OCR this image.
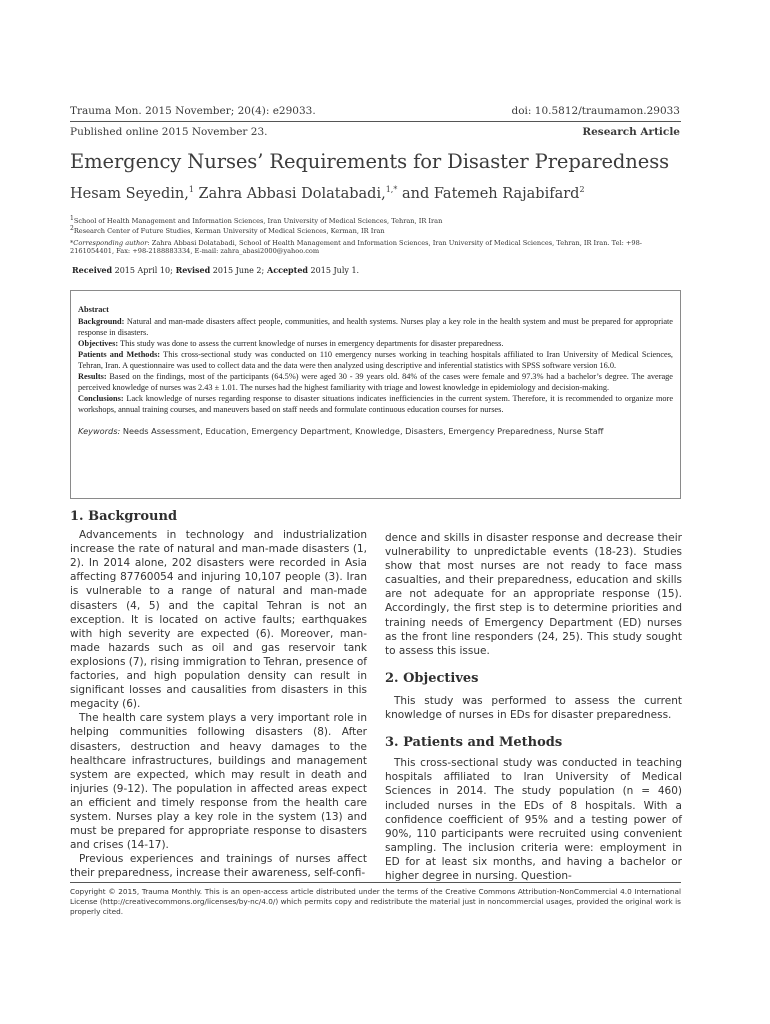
Trauma Mon. 2015 November; 20(4): e29033.	doi: 10.5812/traumamon.29033
Published online 2015 November 23.	Research Article
Emergency Nurses’ Requirements for Disaster Preparedness
Hesam Seyedin,$^1$ Zahra Abbasi Dolatabadi,$^{1,*}$ and Fatemeh Rajabifard$^2$
$^1$School of Health Management and Information Sciences, Iran University of Medical Sciences, Tehran, IR Iran
$^2$Research Center of Future Studies, Kerman University of Medical Sciences, Kerman, IR Iran
*Corresponding author: Zahra Abbasi Dolatabadi, School of Health Management and Information Sciences, Iran University of Medical Sciences, Tehran, IR Iran. Tel: +98-2161054401, Fax: +98-2188883334, E-mail: zahra_abasi2000@yahoo.com
Received 2015 April 10; Revised 2015 June 2; Accepted 2015 July 1.

Abstract

Background: Natural and man-made disasters affect people, communities, and health systems. Nurses play a key role in the health system and must be prepared for appropriate response in disasters.

Objectives: This study was done to assess the current knowledge of nurses in emergency departments for disaster preparedness.

Patients and Methods: This cross-sectional study was conducted on 110 emergency nurses working in teaching hospitals affiliated to Iran University of Medical Sciences, Tehran, Iran. A questionnaire was used to collect data and the data were then analyzed using descriptive and inferential statistics with SPSS software version 16.0.

Results: Based on the findings, most of the participants (64.5%) were aged 30 - 39 years old. 84% of the cases were female and 97.3% had a bachelor’s degree. The average perceived knowledge of nurses was 2.43 ± 1.01. The nurses had the highest familiarity with triage and lowest knowledge in epidemiology and decision-making.

Conclusions: Lack knowledge of nurses regarding response to disaster situations indicates inefficiencies in the current system. Therefore, it is recommended to organize more workshops, annual training courses, and maneuvers based on staff needs and formulate continuous education courses for nurses.

Keywords: Needs Assessment, Education, Emergency Department, Knowledge, Disasters, Emergency Preparedness, Nurse Staff

1. Background

Advancements in technology and industrialization increase the rate of natural and man-made disasters (1, 2). In 2014 alone, 202 disasters were recorded in Asia affecting 87760054 and injuring 10,107 people (3). Iran is vulnerable to a range of natural and man-made disasters (4, 5) and the capital Tehran is not an exception. It is located on active faults; earthquakes with high severity are expected (6). Moreover, man-made hazards such as oil and gas reservoir tank explosions (7), rising immigration to Tehran, presence of factories, and high population density can result in significant losses and causalities from disasters in this megacity (6).

The health care system plays a very important role in helping communities following disasters (8). After disasters, destruction and heavy damages to the healthcare infrastructures, buildings and management system are expected, which may result in death and injuries (9-12). The population in affected areas expect an efficient and timely response from the health care system. Nurses play a key role in the system (13) and must be prepared for appropriate response to disasters and crises (14-17).

Previous experiences and trainings of nurses affect their preparedness, increase their awareness, self-confi-

dence and skills in disaster response and decrease their vulnerability to unpredictable events (18-23). Studies show that most nurses are not ready to face mass casualties, and their preparedness, education and skills are not adequate for an appropriate response (15). Accordingly, the first step is to determine priorities and training needs of Emergency Department (ED) nurses as the front line responders (24, 25). This study sought to assess this issue.

2. Objectives

This study was performed to assess the current knowledge of nurses in EDs for disaster preparedness.

3. Patients and Methods

This cross-sectional study was conducted in teaching hospitals affiliated to Iran University of Medical Sciences in 2014. The study population (n = 460) included nurses in the EDs of 8 hospitals. With a confidence coefficient of 95% and a testing power of 90%, 110 participants were recruited using convenient sampling. The inclusion criteria were: employment in ED for at least six months, and having a bachelor or higher degree in nursing. Question-

Copyright © 2015, Trauma Monthly. This is an open-access article distributed under the terms of the Creative Commons Attribution-NonCommercial 4.0 International License (http://creativecommons.org/licenses/by-nc/4.0/) which permits copy and redistribute the material just in noncommercial usages, provided the original work is properly cited.
